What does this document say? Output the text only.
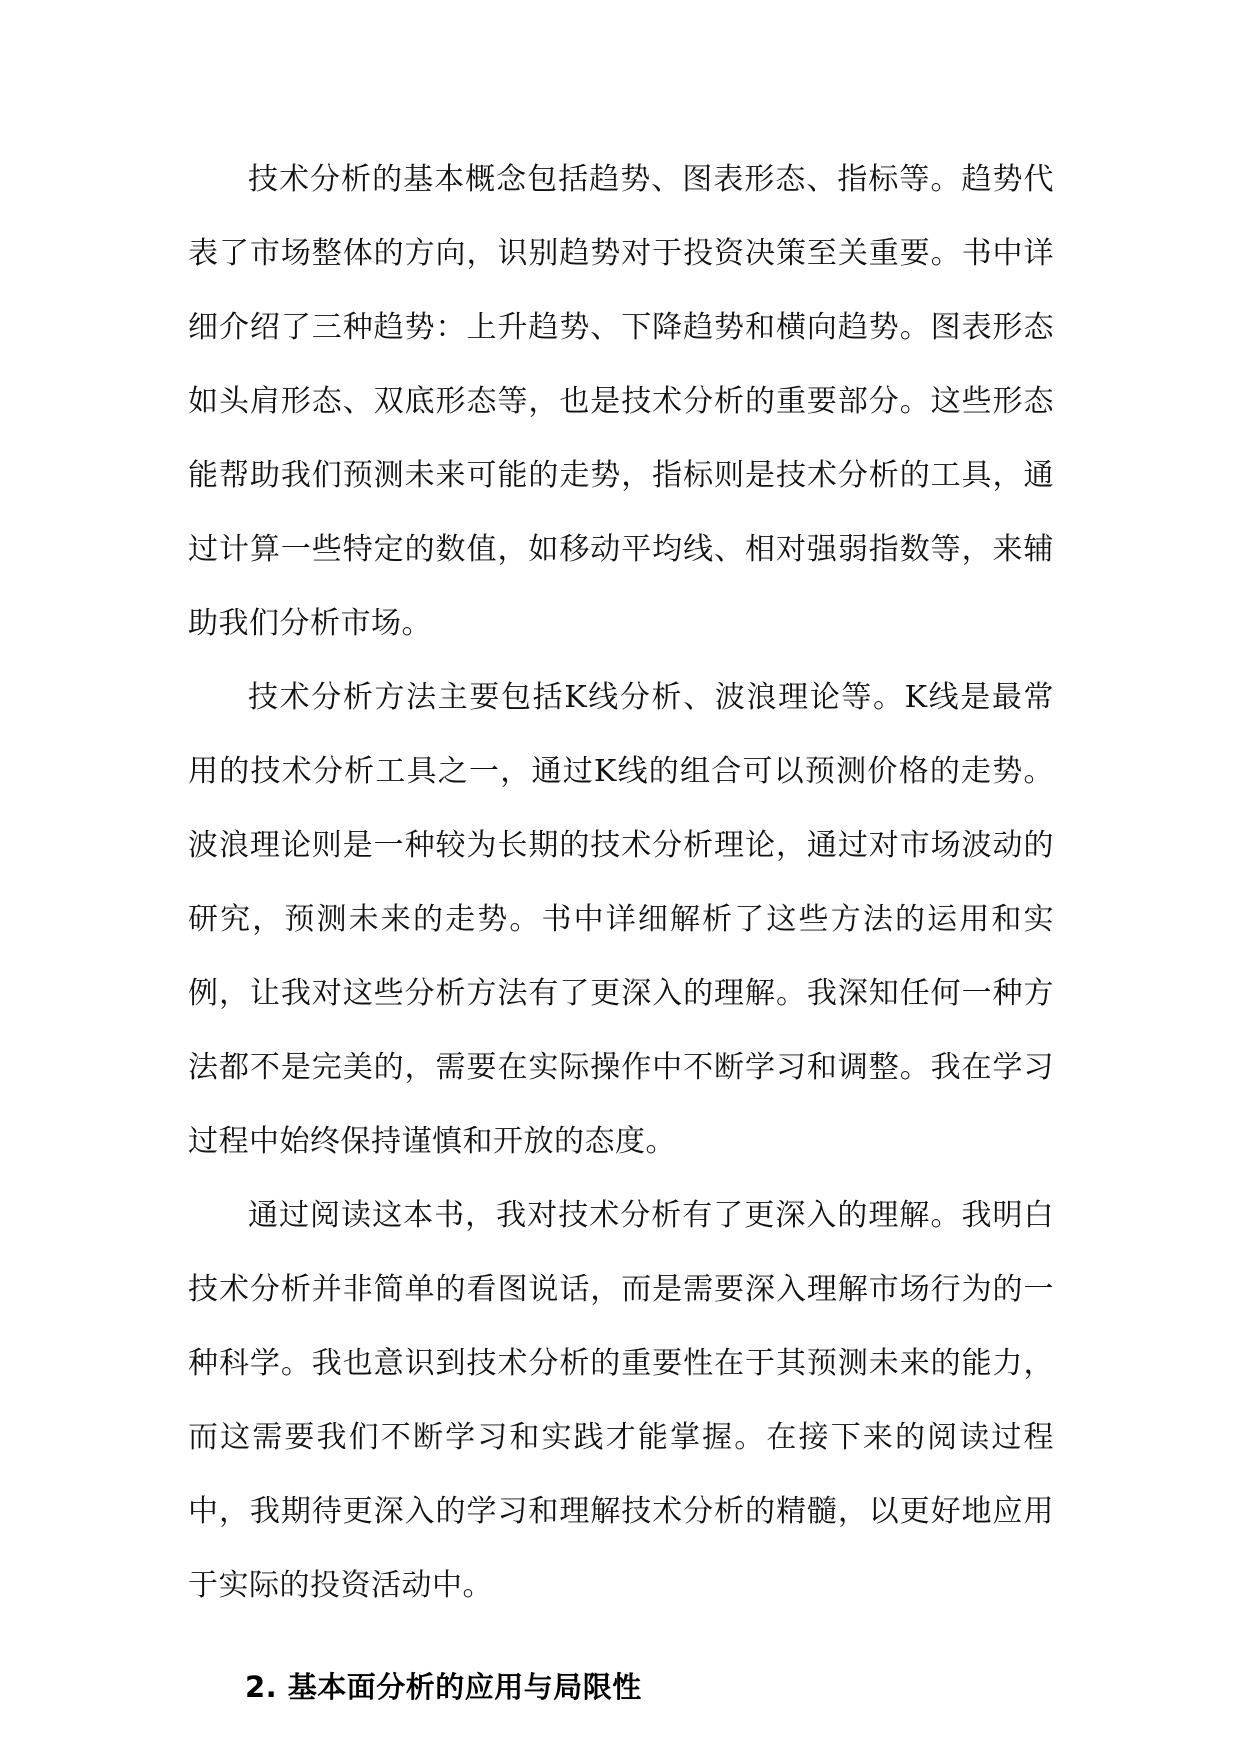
技术分析的基本概念包括趋势、图表形态、指标等。趋势代表了市场整体的方向，识别趋势对于投资决策至关重要。书中详细介绍了三种趋势：上升趋势、下降趋势和横向趋势。图表形态如头肩形态、双底形态等，也是技术分析的重要部分。这些形态能帮助我们预测未来可能的走势，指标则是技术分析的工具，通过计算一些特定的数值，如移动平均线、相对强弱指数等，来辅助我们分析市场。

技术分析方法主要包括K线分析、波浪理论等。K线是最常用的技术分析工具之一，通过K线的组合可以预测价格的走势。波浪理论则是一种较为长期的技术分析理论，通过对市场波动的研究，预测未来的走势。书中详细解析了这些方法的运用和实例，让我对这些分析方法有了更深入的理解。我深知任何一种方法都不是完美的，需要在实际操作中不断学习和调整。我在学习过程中始终保持谨慎和开放的态度。

通过阅读这本书，我对技术分析有了更深入的理解。我明白技术分析并非简单的看图说话，而是需要深入理解市场行为的一种科学。我也意识到技术分析的重要性在于其预测未来的能力，而这需要我们不断学习和实践才能掌握。在接下来的阅读过程中，我期待更深入的学习和理解技术分析的精髓，以更好地应用于实际的投资活动中。

2. 基本面分析的应用与局限性
